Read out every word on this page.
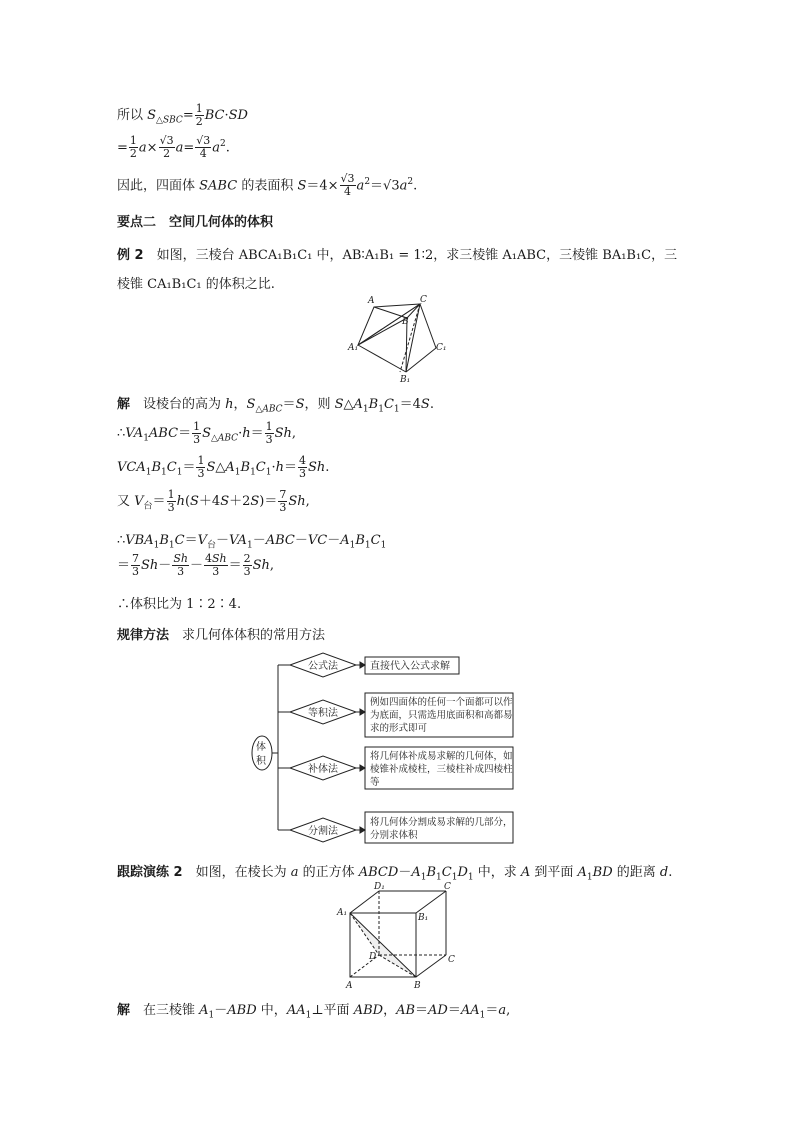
所以 $S_{\triangle SBC}= \frac{1}{2} BC\cdot SD$
= $\frac{1}{2} a\times \frac{√3}{2} a= \frac{√3}{4} a^2$.
因此，四面体 SABC 的表面积 $S=4\times \frac{√3}{4} a^2=√3a^2$.
要点二　空间几何体的体积
例 2　如图，三棱台 ABCA₁B₁C₁ 中，AB∶A₁B₁ = 1∶2，求三棱锥 A₁ABC，三棱锥 BA₁B₁C，三
棱锥 CA₁B₁C₁ 的体积之比.
A	C
B
A₁	C₁
B₁
解　设棱台的高为 h，$S_{\triangle ABC}=S$，则 $S\triangle A_1B_1C_1=4S$.
$\therefore VA_1ABC= \frac{1}{3} S_{\triangle ABC}\cdot h= \frac{1}{3} Sh$,
$VCA_1B_1C_1= \frac{1}{3}$ $S\triangle A_1B_1C_1\cdot h= \frac{4}{3} Sh$.
又 $V_台= \frac{1}{3} h(S+4S+2S)= \frac{7}{3} Sh$,
$\therefore VBA_1B_1C=V_台-VA_1-ABC-VC-A_1B_1C_1$
＝ $\frac{7}{3} Sh- \frac{Sh}{3} - \frac{4Sh}{3} = \frac{2}{3} Sh$,
∴体积比为 1∶2∶4.
规律方法　求几何体体积的常用方法
体
积
公式法
等积法
补体法
分割法
直接代入公式求解
例如四面体的任何一个面都可以作
为底面，只需选用底面积和高都易
求的形式即可
将几何体补成易求解的几何体，如
棱锥补成棱柱，三棱柱补成四棱柱
等
将几何体分割成易求解的几部分，
分别求体积
跟踪演练 2　如图，在棱长为 a 的正方体 $ABCD-A_1B_1C_1D_1$ 中，求 A 到平面 $A_1BD$ 的距离 d.
D₁	C
A₁	B₁
D	C
A	B
解　在三棱锥 $A_1-ABD$ 中，$AA_1\perp$平面 ABD，$AB=AD=AA_1=a$,
